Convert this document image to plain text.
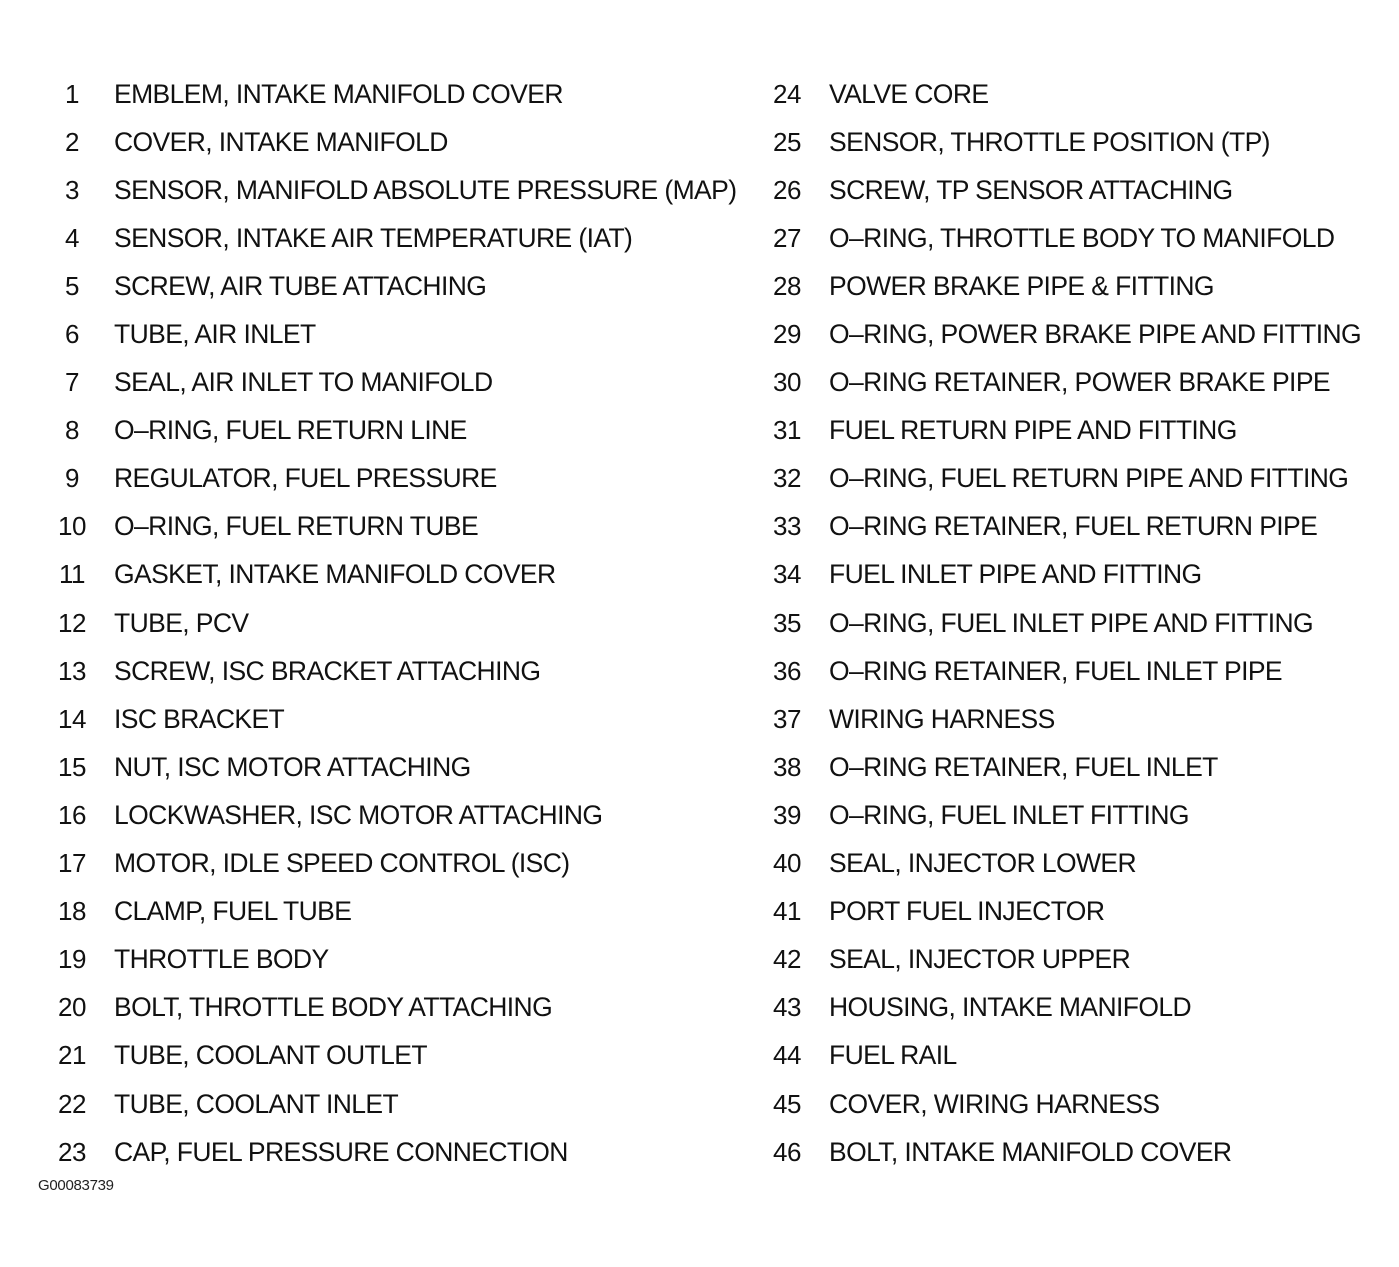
1	EMBLEM, INTAKE MANIFOLD COVER
2	COVER, INTAKE MANIFOLD
3	SENSOR, MANIFOLD ABSOLUTE PRESSURE (MAP)
4	SENSOR, INTAKE AIR TEMPERATURE (IAT)
5	SCREW, AIR TUBE ATTACHING
6	TUBE, AIR INLET
7	SEAL, AIR INLET TO MANIFOLD
8	O–RING, FUEL RETURN LINE
9	REGULATOR, FUEL PRESSURE
10	O–RING, FUEL RETURN TUBE
11	GASKET, INTAKE MANIFOLD COVER
12	TUBE, PCV
13	SCREW, ISC BRACKET ATTACHING
14	ISC BRACKET
15	NUT, ISC MOTOR ATTACHING
16	LOCKWASHER, ISC MOTOR ATTACHING
17	MOTOR, IDLE SPEED CONTROL (ISC)
18	CLAMP, FUEL TUBE
19	THROTTLE BODY
20	BOLT, THROTTLE BODY ATTACHING
21	TUBE, COOLANT OUTLET
22	TUBE, COOLANT INLET
23	CAP, FUEL PRESSURE CONNECTION
24	VALVE CORE
25	SENSOR, THROTTLE POSITION (TP)
26	SCREW, TP SENSOR ATTACHING
27	O–RING, THROTTLE BODY TO MANIFOLD
28	POWER BRAKE PIPE & FITTING
29	O–RING, POWER BRAKE PIPE AND FITTING
30	O–RING RETAINER, POWER BRAKE PIPE
31	FUEL RETURN PIPE AND FITTING
32	O–RING, FUEL RETURN PIPE AND FITTING
33	O–RING RETAINER, FUEL RETURN PIPE
34	FUEL INLET PIPE AND FITTING
35	O–RING, FUEL INLET PIPE AND FITTING
36	O–RING RETAINER, FUEL INLET PIPE
37	WIRING HARNESS
38	O–RING RETAINER, FUEL INLET
39	O–RING, FUEL INLET FITTING
40	SEAL, INJECTOR LOWER
41	PORT FUEL INJECTOR
42	SEAL, INJECTOR UPPER
43	HOUSING, INTAKE MANIFOLD
44	FUEL RAIL
45	COVER, WIRING HARNESS
46	BOLT, INTAKE MANIFOLD COVER
G00083739
